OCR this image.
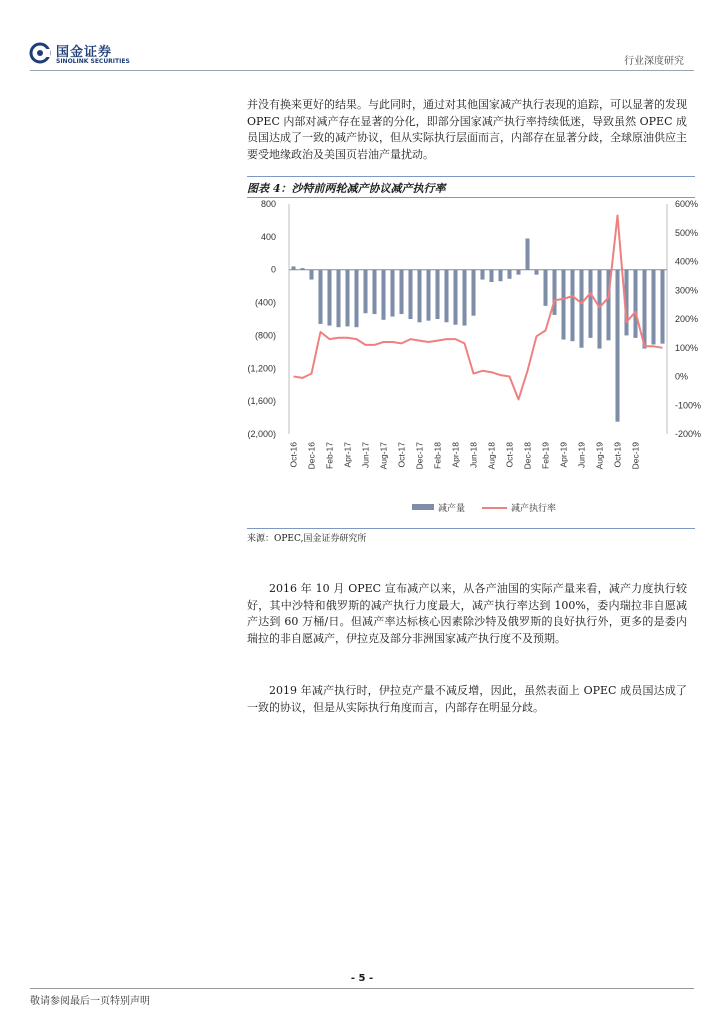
国金证券
SINOLINK SECURITIES	行业深度研究

并没有换来更好的结果。与此同时，通过对其他国家减产执行表现的追踪，可以显著的发现 OPEC 内部对减产存在显著的分化，即部分国家减产执行率持续低迷，导致虽然 OPEC 成员国达成了一致的减产协议，但从实际执行层面而言，内部存在显著分歧，全球原油供应主要受地缘政治及美国页岩油产量扰动。

图表 4：沙特前两轮减产协议减产执行率
800
400
0
(400)
(800)
(1,200)
(1,600)
(2,000)
600%
500%
400%
300%
200%
100%
0%
-100%
-200%
Oct-16 Dec-16 Feb-17 Apr-17 Jun-17 Aug-17 Oct-17 Dec-17 Feb-18 Apr-18 Jun-18 Aug-18 Oct-18 Dec-18 Feb-19 Apr-19 Jun-19 Aug-19 Oct-19 Dec-19
减产量	减产执行率
来源：OPEC,国金证券研究所

2016 年 10 月 OPEC 宣布减产以来，从各产油国的实际产量来看，减产力度执行较好，其中沙特和俄罗斯的减产执行力度最大，减产执行率达到 100%，委内瑞拉非自愿减产达到 60 万桶/日。但减产率达标核心因素除沙特及俄罗斯的良好执行外，更多的是委内瑞拉的非自愿减产，伊拉克及部分非洲国家减产执行度不及预期。

2019 年减产执行时，伊拉克产量不减反增，因此，虽然表面上 OPEC 成员国达成了一致的协议，但是从实际执行角度而言，内部存在明显分歧。

- 5 -
敬请参阅最后一页特别声明
